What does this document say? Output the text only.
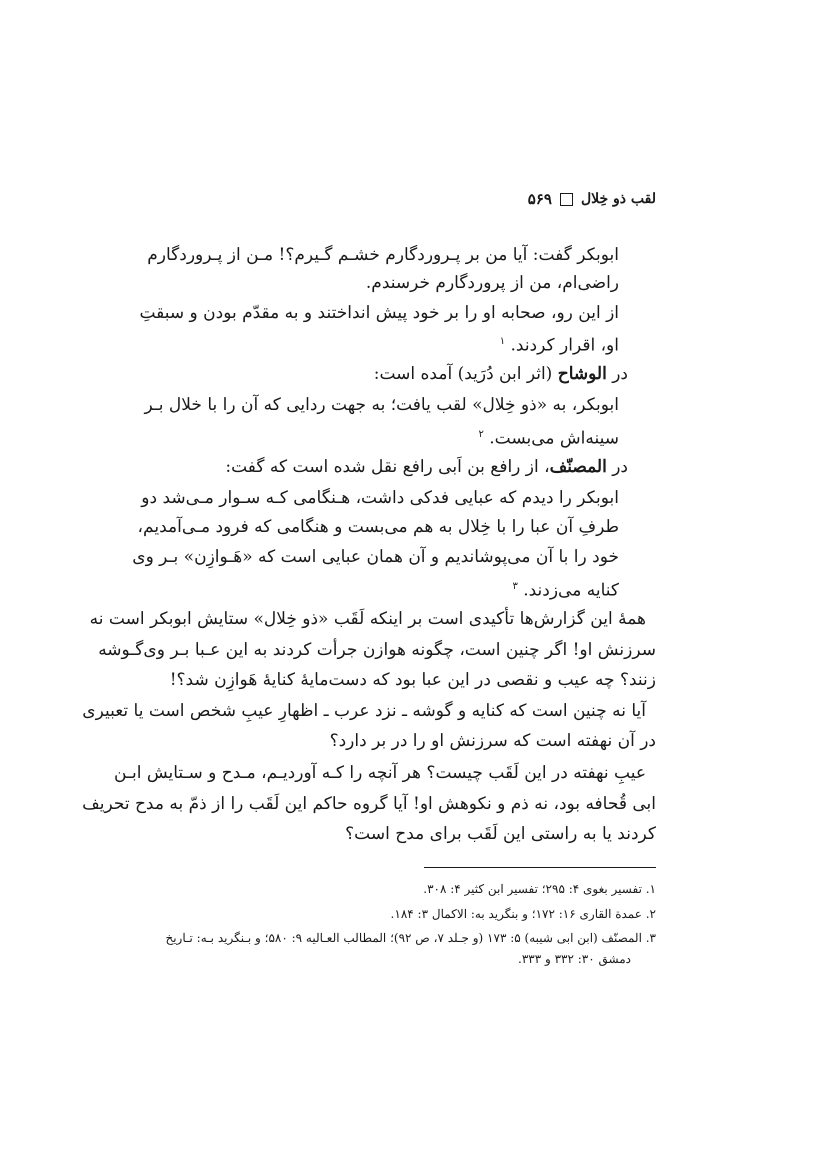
لقب ذو خِلال
۵۶۹
ابوبکر گفت: آیا من بر پـروردگارم خشـم گـیرم؟! مـن از پـروردگارم
راضی‌ام، من از پروردگارم خرسندم.
از این رو، صحابه او را بر خود پیش انداختند و به مقدّم بودن و سبقتِ
او، اقرار کردند. $^۱$
در الوشاح (اثر ابن دُرَید) آمده است:
ابوبکر، به «ذو خِلال» لقب یافت؛ به جهت ردایی که آن را با خلال بـر
سینه‌اش می‌بست. $^۲$
در المصنّف، از رافع بن اَبی رافع نقل شده است که گفت:
ابوبکر را دیدم که عبایی فدکی داشت، هـنگامی کـه سـوار مـی‌شد دو
طرفِ آن عبا را با خِلال به هم می‌بست و هنگامی که فرود مـی‌آمدیم،
خود را با آن می‌پوشاندیم و آن همان عبایی است که «هَـوازِن» بـر وی
کنایه می‌زدند. $^۳$
همهٔ این گزارش‌ها تأکیدی است بر اینکه لَقَب «ذو خِلال» ستایش ابوبکر است نه
سرزنش او! اگر چنین است، چگونه هوازن جرأت کردند به این عـبا بـر وی‌گـوشه
زنند؟ چه عیب و نقصی در این عبا بود که دست‌مایهٔ کنایهٔ هَوازِن شد؟!
آیا نه چنین است که کنایه و گوشه ـ نزد عرب ـ اظهارِ عیبِ شخص است یا تعبیری
در آن نهفته است که سرزنش او را در بر دارد؟
عیبِ نهفته در این لَقَب چیست؟ هر آنچه را کـه آوردیـم، مـدح و سـتایش ابـن
ابی قُحافه بود، نه ذم و نکوهش او! آیا گروه حاکم این لَقَب را از ذمّ به مدح تحریف
کردند یا به راستی این لَقَب برای مدح است؟
۱. تفسیر بغوی ۴: ۲۹۵؛ تفسیر ابن کثیر ۴: ۳۰۸.
۲. عمدة القاری ۱۶: ۱۷۲؛ و بنگرید به: الاکمال ۳: ۱۸۴.
۳. المصنّف (ابن ابی شیبه) ۵: ۱۷۳ (و جـلد ۷، ص ۹۲)؛ المطالب العـالیه ۹: ۵۸۰؛ و بـنگرید بـه: تـاریخ
دمشق ۳۰: ۳۳۲ و ۳۳۳.
